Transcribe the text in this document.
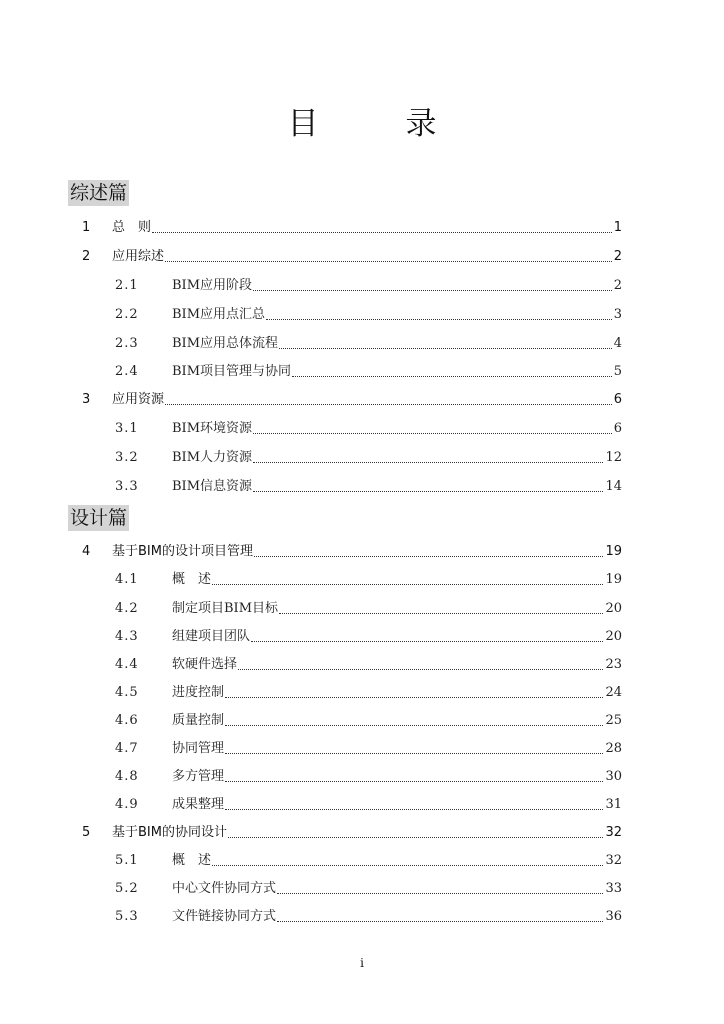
目　录
综述篇
1	总　则	1
2	应用综述	2
2.1	BIM应用阶段	2
2.2	BIM应用点汇总	3
2.3	BIM应用总体流程	4
2.4	BIM项目管理与协同	5
3	应用资源	6
3.1	BIM环境资源	6
3.2	BIM人力资源	12
3.3	BIM信息资源	14
设计篇
4	基于BIM的设计项目管理	19
4.1	概　述	19
4.2	制定项目BIM目标	20
4.3	组建项目团队	20
4.4	软硬件选择	23
4.5	进度控制	24
4.6	质量控制	25
4.7	协同管理	28
4.8	多方管理	30
4.9	成果整理	31
5	基于BIM的协同设计	32
5.1	概　述	32
5.2	中心文件协同方式	33
5.3	文件链接协同方式	36
i
